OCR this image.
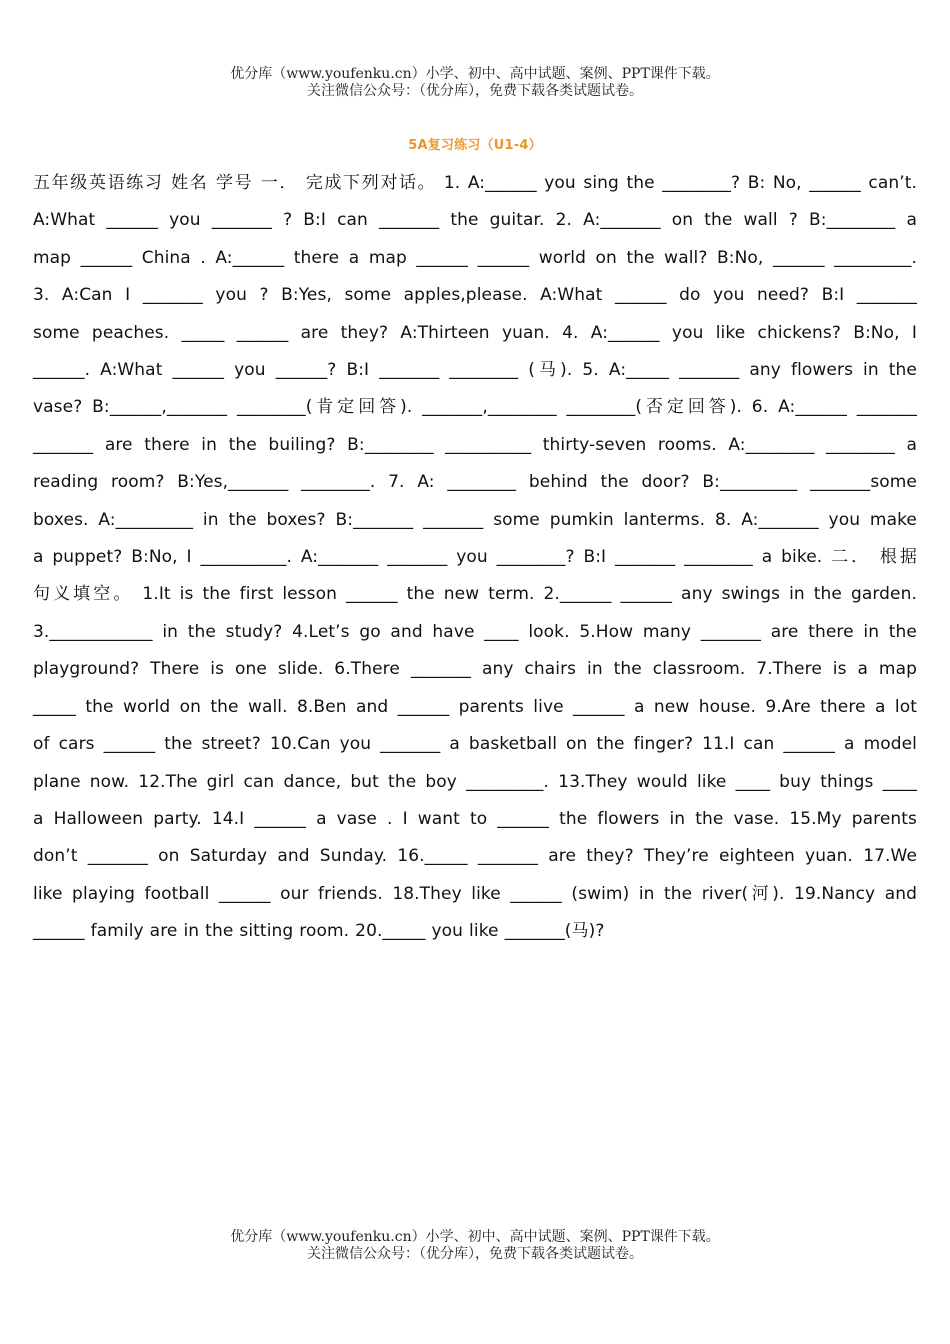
优分库（www.youfenku.cn）小学、初中、高中试题、案例、PPT课件下载。
关注微信公众号：（优分库），免费下载各类试题试卷。
5A复习练习（U1-4）
五年级英语练习 姓名 学号 一． 完成下列对话。 1. A:______ you sing the ________? B: No, ______ can’t.
A:What ______ you _______ ? B:I can _______ the guitar. 2. A:_______ on the wall ? B:________ a
map ______ China . A:______ there a map ______ ______ world on the wall? B:No, ______ _________.
3. A:Can I _______ you ? B:Yes, some apples,please. A:What ______ do you need? B:I _______
some peaches. _____ ______ are they? A:Thirteen yuan. 4. A:______ you like chickens? B:No, I
______. A:What ______ you ______? B:I _______ ________ (马). 5. A:_____ _______ any flowers in the
vase? B:______,_______ ________(肯定回答). _______,________ ________(否定回答). 6. A:______ _______
_______ are there in the builing? B:________ __________ thirty-seven rooms. A:________ ________ a
reading room? B:Yes,_______ ________. 7. A: ________ behind the door? B:_________ _______some
boxes. A:_________ in the boxes? B:_______ _______ some pumkin lanterms. 8. A:_______ you make
a puppet? B:No, I __________. A:_______ _______ you ________? B:I _______ ________ a bike. 二． 根据
句义填空。 1.It is the first lesson ______ the new term. 2.______ ______ any swings in the garden.
3.____________ in the study? 4.Let’s go and have ____ look. 5.How many _______ are there in the
playground? There is one slide. 6.There _______ any chairs in the classroom. 7.There is a map
_____ the world on the wall. 8.Ben and ______ parents live ______ a new house. 9.Are there a lot
of cars ______ the street? 10.Can you _______ a basketball on the finger? 11.I can ______ a model
plane now. 12.The girl can dance, but the boy _________. 13.They would like ____ buy things ____
a Halloween party. 14.I ______ a vase . I want to ______ the flowers in the vase. 15.My parents
don’t _______ on Saturday and Sunday. 16._____ _______ are they? They’re eighteen yuan. 17.We
like playing football ______ our friends. 18.They like ______ (swim) in the river(河). 19.Nancy and
______ family are in the sitting room. 20._____ you like _______(马)?
优分库（www.youfenku.cn）小学、初中、高中试题、案例、PPT课件下载。
关注微信公众号：（优分库），免费下载各类试题试卷。
